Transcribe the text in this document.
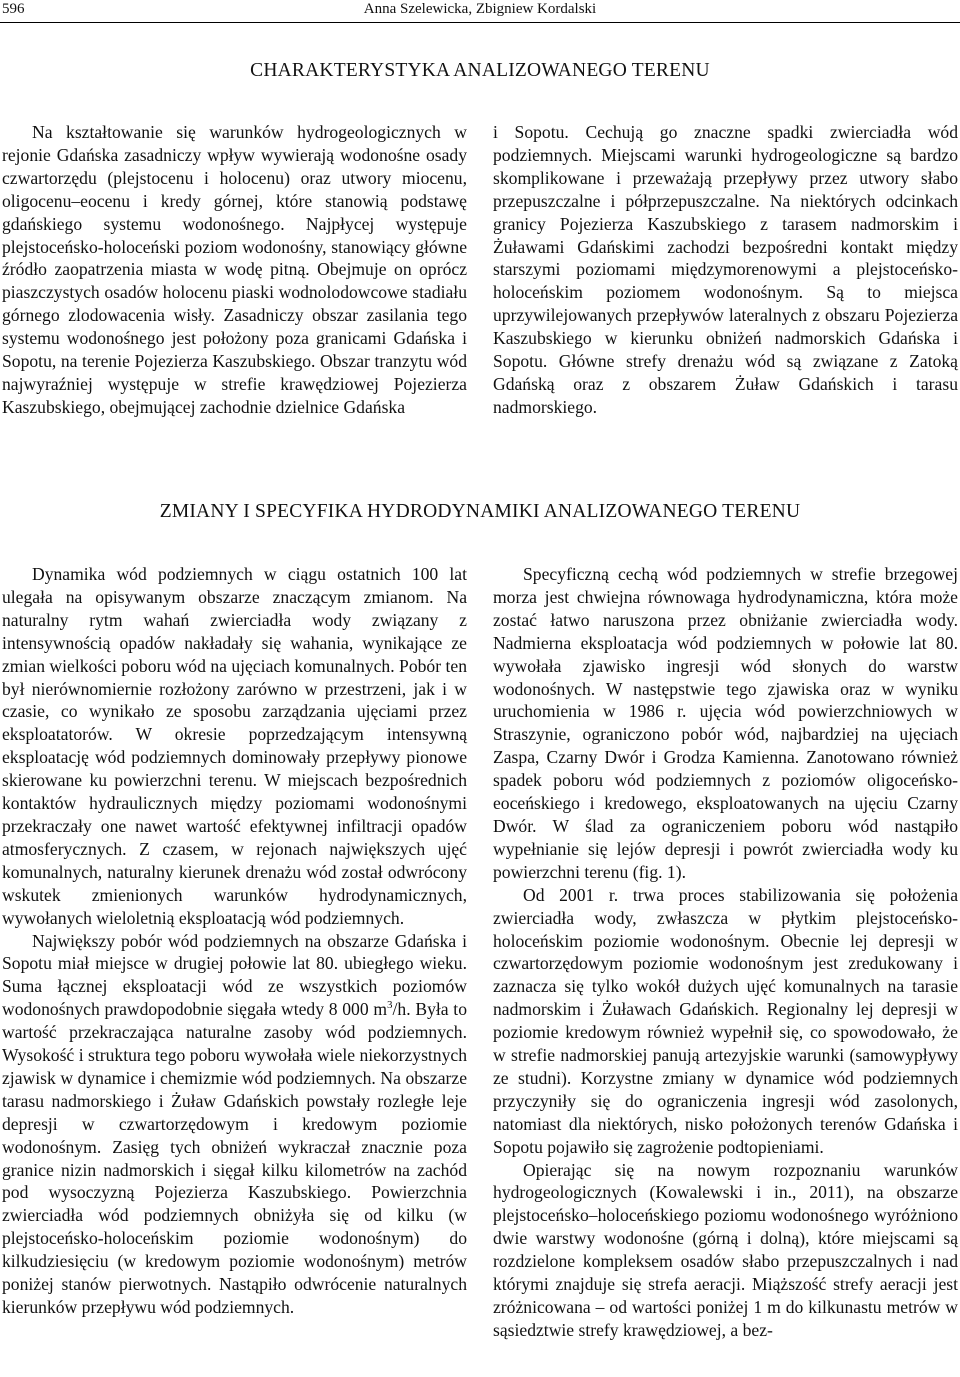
596	Anna Szelewicka, Zbigniew Kordalski
CHARAKTERYSTYKA ANALIZOWANEGO TERENU

Na kształtowanie się warunków hydrogeologicznych w rejonie Gdańska zasadniczy wpływ wywierają wodonośne osady czwartorzędu (plejstocenu i holocenu) oraz utwory miocenu, oligocenu–eocenu i kredy górnej, które stanowią podstawę gdańskiego systemu wodonośnego. Najpłycej występuje plejstoceńsko-holoceński poziom wodonośny, stanowiący główne źródło zaopatrzenia miasta w wodę pitną. Obejmuje on oprócz piaszczystych osadów holocenu piaski wodnolodowcowe stadiału górnego zlodowacenia wisły. Zasadniczy obszar zasilania tego systemu wodonośnego jest położony poza granicami Gdańska i Sopotu, na terenie Pojezierza Kaszubskiego. Obszar tranzytu wód najwyraźniej występuje w strefie krawędziowej Pojezierza Kaszubskiego, obejmującej zachodnie dzielnice Gdańska

i Sopotu. Cechują go znaczne spadki zwierciadła wód podziemnych. Miejscami warunki hydrogeologiczne są bardzo skomplikowane i przeważają przepływy przez utwory słabo przepuszczalne i półprzepuszczalne. Na niektórych odcinkach granicy Pojezierza Kaszubskiego z tarasem nadmorskim i Żuławami Gdańskimi zachodzi bezpośredni kontakt między starszymi poziomami międzymorenowymi a plejstoceńsko-holoceńskim poziomem wodonośnym. Są to miejsca uprzywilejowanych przepływów lateralnych z obszaru Pojezierza Kaszubskiego w kierunku obniżeń nadmorskich Gdańska i Sopotu. Główne strefy drenażu wód są związane z Zatoką Gdańską oraz z obszarem Żuław Gdańskich i tarasu nadmorskiego.

ZMIANY I SPECYFIKA HYDRODYNAMIKI ANALIZOWANEGO TERENU

Dynamika wód podziemnych w ciągu ostatnich 100 lat ulegała na opisywanym obszarze znaczącym zmianom. Na naturalny rytm wahań zwierciadła wody związany z intensywnością opadów nakładały się wahania, wynikające ze zmian wielkości poboru wód na ujęciach komunalnych. Pobór ten był nierównomiernie rozłożony zarówno w przestrzeni, jak i w czasie, co wynikało ze sposobu zarządzania ujęciami przez eksploatatorów. W okresie poprzedzającym intensywną eksploatację wód podziemnych dominowały przepływy pionowe skierowane ku powierzchni terenu. W miejscach bezpośrednich kontaktów hydraulicznych między poziomami wodonośnymi przekraczały one nawet wartość efektywnej infiltracji opadów atmosferycznych. Z czasem, w rejonach największych ujęć komunalnych, naturalny kierunek drenażu wód został odwrócony wskutek zmienionych warunków hydrodynamicznych, wywołanych wieloletnią eksploatacją wód podziemnych.

Największy pobór wód podziemnych na obszarze Gdańska i Sopotu miał miejsce w drugiej połowie lat 80. ubiegłego wieku. Suma łącznej eksploatacji wód ze wszystkich poziomów wodonośnych prawdopodobnie sięgała wtedy 8 000 $m^3/h$. Była to wartość przekraczająca naturalne zasoby wód podziemnych. Wysokość i struktura tego poboru wywołała wiele niekorzystnych zjawisk w dynamice i chemizmie wód podziemnych. Na obszarze tarasu nadmorskiego i Żuław Gdańskich powstały rozległe leje depresji w czwartorzędowym i kredowym poziomie wodonośnym. Zasięg tych obniżeń wykraczał znacznie poza granice nizin nadmorskich i sięgał kilku kilometrów na zachód pod wysoczyzną Pojezierza Kaszubskiego. Powierzchnia zwierciadła wód podziemnych obniżyła się od kilku (w plejstoceńsko-holoceńskim poziomie wodonośnym) do kilkudziesięciu (w kredowym poziomie wodonośnym) metrów poniżej stanów pierwotnych. Nastąpiło odwrócenie naturalnych kierunków przepływu wód podziemnych.

Specyficzną cechą wód podziemnych w strefie brzegowej morza jest chwiejna równowaga hydrodynamiczna, która może zostać łatwo naruszona przez obniżanie zwierciadła wody. Nadmierna eksploatacja wód podziemnych w połowie lat 80. wywołała zjawisko ingresji wód słonych do warstw wodonośnych. W następstwie tego zjawiska oraz w wyniku uruchomienia w 1986 r. ujęcia wód powierzchniowych w Straszynie, ograniczono pobór wód, najbardziej na ujęciach Zaspa, Czarny Dwór i Grodza Kamienna. Zanotowano również spadek poboru wód podziemnych z poziomów oligoceńsko-eoceńskiego i kredowego, eksploatowanych na ujęciu Czarny Dwór. W ślad za ograniczeniem poboru wód nastąpiło wypełnianie się lejów depresji i powrót zwierciadła wody ku powierzchni terenu (fig. 1).

Od 2001 r. trwa proces stabilizowania się położenia zwierciadła wody, zwłaszcza w płytkim plejstoceńsko-holoceńskim poziomie wodonośnym. Obecnie lej depresji w czwartorzędowym poziomie wodonośnym jest zredukowany i zaznacza się tylko wokół dużych ujęć komunalnych na tarasie nadmorskim i Żuławach Gdańskich. Regionalny lej depresji w poziomie kredowym również wypełnił się, co spowodowało, że w strefie nadmorskiej panują artezyjskie warunki (samowypływy ze studni). Korzystne zmiany w dynamice wód podziemnych przyczyniły się do ograniczenia ingresji wód zasolonych, natomiast dla niektórych, nisko położonych terenów Gdańska i Sopotu pojawiło się zagrożenie podtopieniami.

Opierając się na nowym rozpoznaniu warunków hydrogeologicznych (Kowalewski i in., 2011), na obszarze plejstoceńsko–holoceńskiego poziomu wodonośnego wyróżniono dwie warstwy wodonośne (górną i dolną), które miejscami są rozdzielone kompleksem osadów słabo przepuszczalnych i nad którymi znajduje się strefa aeracji. Miąższość strefy aeracji jest zróżnicowana – od wartości poniżej 1 m do kilkunastu metrów w sąsiedztwie strefy krawędziowej, a bez-
